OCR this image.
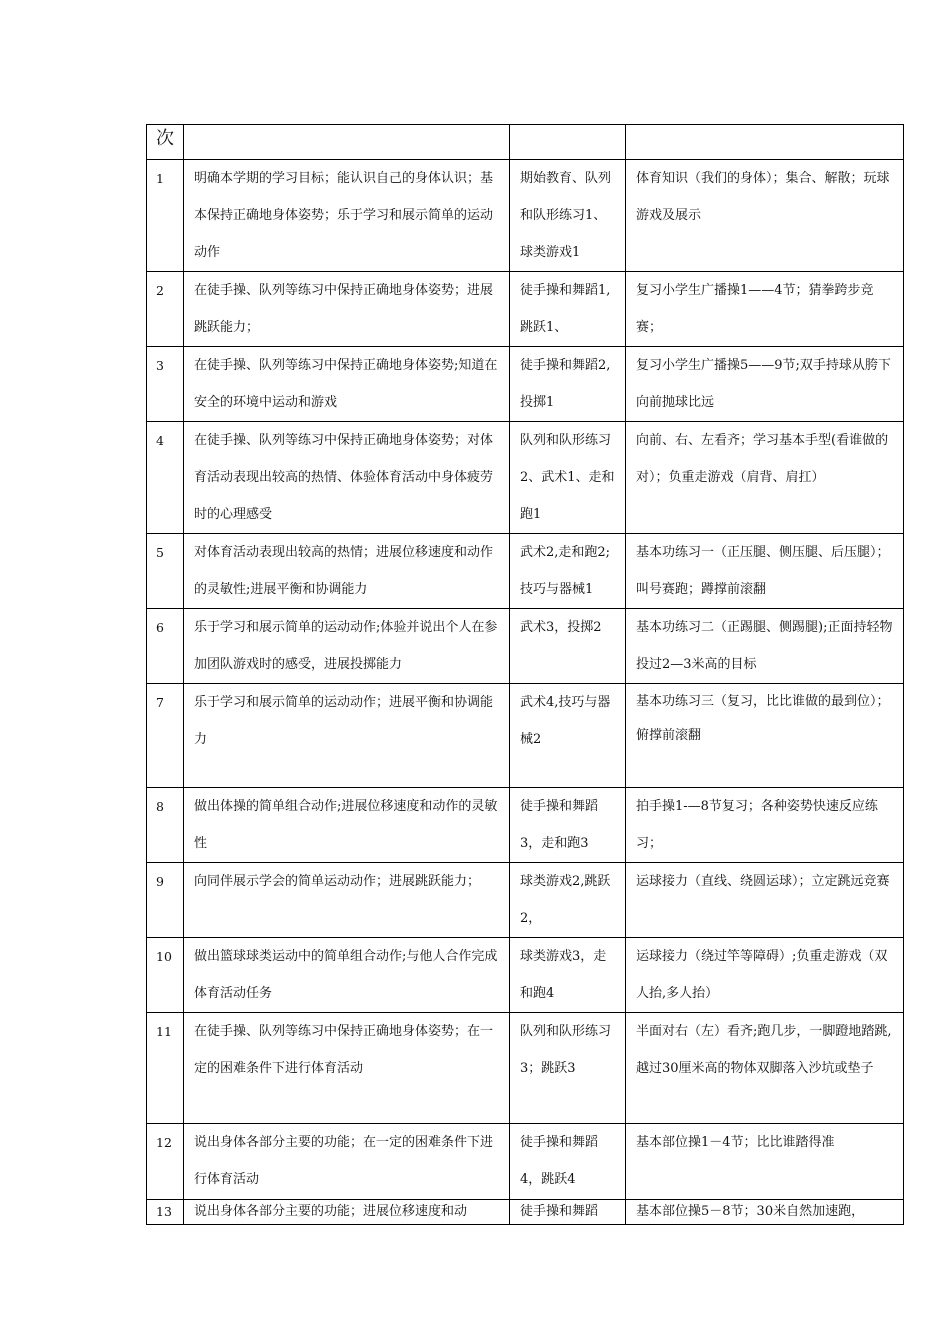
次			
1	明确本学期的学习目标；能认识自己的身体认识；基本保持正确地身体姿势；乐于学习和展示简单的运动动作	期始教育、队列和队形练习1、球类游戏1	体育知识（我们的身体）；集合、解散；玩球游戏及展示
2	在徒手操、队列等练习中保持正确地身体姿势；进展跳跃能力；	徒手操和舞蹈1,跳跃1、	复习小学生广播操1——4节；猜拳跨步竞赛；
3	在徒手操、队列等练习中保持正确地身体姿势;知道在安全的环境中运动和游戏	徒手操和舞蹈2,投掷1	复习小学生广播操5——9节;双手持球从胯下向前抛球比远
4	在徒手操、队列等练习中保持正确地身体姿势；对体育活动表现出较高的热情、体验体育活动中身体疲劳时的心理感受	队列和队形练习2、武术1、走和跑1	向前、右、左看齐；学习基本手型(看谁做的对）；负重走游戏（肩背、肩扛）
5	对体育活动表现出较高的热情；进展位移速度和动作的灵敏性;进展平衡和协调能力	武术2,走和跑2;技巧与器械1	基本功练习一（正压腿、侧压腿、后压腿）；叫号赛跑；蹲撑前滚翻
6	乐于学习和展示简单的运动动作;体验并说出个人在参加团队游戏时的感受，进展投掷能力	武术3，投掷2	基本功练习二（正踢腿、侧踢腿);正面持轻物投过2—3米高的目标
7	乐于学习和展示简单的运动动作；进展平衡和协调能力	武术4,技巧与器械2	基本功练习三（复习，比比谁做的最到位）；
俯撑前滚翻
8	做出体操的简单组合动作;进展位移速度和动作的灵敏性	徒手操和舞蹈3，走和跑3	拍手操1-—8节复习；各种姿势快速反应练习；
9	向同伴展示学会的简单运动动作；进展跳跃能力；	球类游戏2,跳跃2，	运球接力（直线、绕圆运球）；立定跳远竞赛
10	做出篮球球类运动中的简单组合动作;与他人合作完成体育活动任务	球类游戏3，走和跑4	运球接力（绕过竿等障碍）;负重走游戏（双人抬,多人抬）
11	在徒手操、队列等练习中保持正确地身体姿势；在一定的困难条件下进行体育活动	队列和队形练习3；跳跃3	半面对右（左）看齐;跑几步，一脚蹬地踏跳,越过30厘米高的物体双脚落入沙坑或垫子
12	说出身体各部分主要的功能；在一定的困难条件下进行体育活动	徒手操和舞蹈4，跳跃4	基本部位操1－4节；比比谁踏得准
13	说出身体各部分主要的功能；进展位移速度和动	徒手操和舞蹈	基本部位操5－8节；30米自然加速跑，
